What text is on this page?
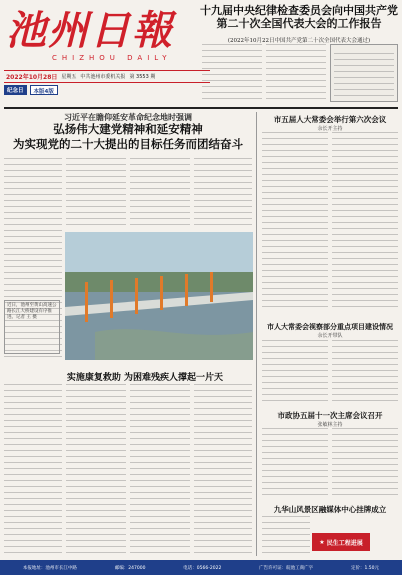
池州日報
CHIZHOU DAILY
2022年10月28日 星期五 中共池州市委机关报 第 3553 期
纪念日	本版4版
十九届中央纪律检查委员会向中国共产党
第二十次全国代表大会的工作报告
(2022年10月22日中国共产党第二十次全国代表大会通过)
习近平在瞻仰延安革命纪念地时强调
弘扬伟大建党精神和延安精神
为实现党的二十大提出的目标任务而团结奋斗
近日，池州至黄山高速公路长江大桥建设有序推进。记者 王 摄
实施康复救助 为困难残疾人撑起一片天
市五届人大常委会举行第六次会议
余长开主持
市人大常委会视察部分重点项目建设情况
余长开带队
市政协五届十一次主席会议召开
张敏林主持
九华山风景区融媒体中心挂牌成立
★ 民生工程进展
本报地址：池州市长江中路	邮编：247000	电话：0566-2022	广告许可证：皖池工商广字	定价：1.50元
